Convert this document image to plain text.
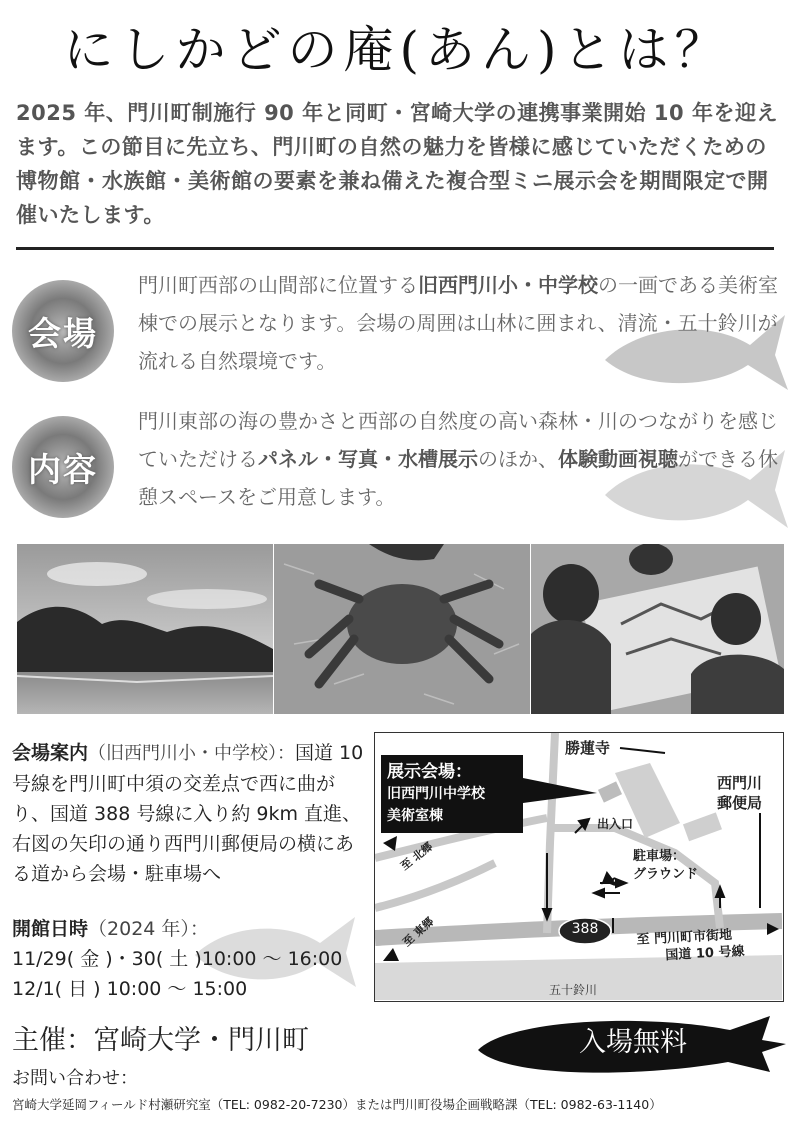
にしかどの庵(あん)とは？
2025 年、門川町制施行 90 年と同町・宮崎大学の連携事業開始 10 年を迎えます。この節目に先立ち、門川町の自然の魅力を皆様に感じていただくための博物館・水族館・美術館の要素を兼ね備えた複合型ミニ展示会を期間限定で開催いたします。
会場
門川町西部の山間部に位置する旧西門川小・中学校の一画である美術室棟での展示となります。会場の周囲は山林に囲まれ、清流・五十鈴川が流れる自然環境です。
内容
門川東部の海の豊かさと西部の自然度の高い森林・川のつながりを感じていただけるパネル・写真・水槽展示のほか、体験動画視聴ができる休憩スペースをご用意します。
会場案内（旧西門川小・中学校）：国道 10 号線を門川町中須の交差点で西に曲がり、国道 388 号線に入り約 9km 直進、右図の矢印の通り西門川郵便局の横にある道から会場・駐車場へ
開館日時（2024 年）：
11/29( 金 )・30( 土 )10:00 ～ 16:00
12/1( 日 ) 10:00 ～ 15:00
展示会場：
旧西門川中学校
美術室棟
勝蓮寺
西門川
郵便局
出入口
駐車場：
グラウンド
388
至 北郷
至 東郷	至 門川町市街地
国道 10 号線
五十鈴川
主催：宮崎大学・門川町	入場無料
お問い合わせ：
宮崎大学延岡フィールド村瀬研究室（TEL: 0982-20-7230）または門川町役場企画戦略課（TEL: 0982-63-1140）
